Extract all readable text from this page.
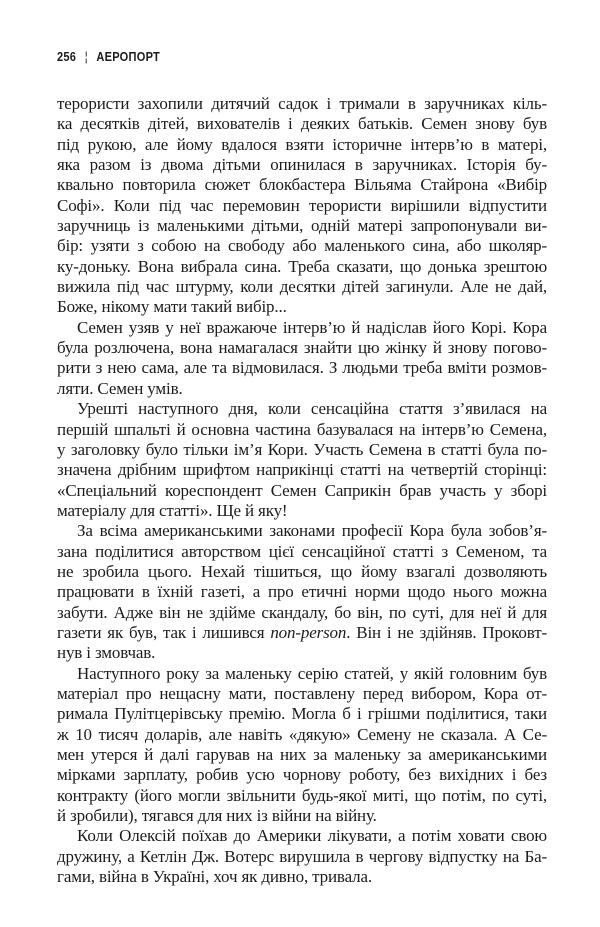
256 ¦ АЕРОПОРТ
терористи захопили дитячий садок і тримали в заручниках кіль-
ка десятків дітей, вихователів і деяких батьків. Семен знову був
під рукою, але йому вдалося взяти історичне інтерв’ю в матері,
яка разом із двома дітьми опинилася в заручниках. Історія бу-
квально повторила сюжет блокбастера Вільяма Стайрона «Вибір
Софі». Коли під час перемовин терористи вирішили відпустити
заручниць із маленькими дітьми, одній матері запропонували ви-
бір: узяти з собою на свободу або маленького сина, або школяр-
ку-доньку. Вона вибрала сина. Треба сказати, що донька зрештою
вижила під час штурму, коли десятки дітей загинули. Але не дай,
Боже, нікому мати такий вибір...
Семен узяв у неї вражаюче інтерв’ю й надіслав його Корі. Кора
була розлючена, вона намагалася знайти цю жінку й знову погово-
рити з нею сама, але та відмовилася. З людьми треба вміти розмов-
ляти. Семен умів.
Урешті наступного дня, коли сенсаційна стаття з’явилася на
першій шпальті й основна частина базувалася на інтерв’ю Семена,
у заголовку було тільки ім’я Кори. Участь Семена в статті була по-
значена дрібним шрифтом наприкінці статті на четвертій сторінці:
«Спеціальний кореспондент Семен Саприкін брав участь у зборі
матеріалу для статті». Ще й яку!
За всіма американськими законами професії Кора була зобов’я-
зана поділитися авторством цієї сенсаційної статті з Семеном, та
не зробила цього. Нехай тішиться, що йому взагалі дозволяють
працювати в їхній газеті, а про етичні норми щодо нього можна
забути. Адже він не здійме скандалу, бо він, по суті, для неї й для
газети як був, так і лишився non-person. Він і не здійняв. Проковт-
нув і змовчав.
Наступного року за маленьку серію статей, у якій головним був
матеріал про нещасну мати, поставлену перед вибором, Кора от-
римала Пулітцерівську премію. Могла б і грішми поділитися, таки
ж 10 тисяч доларів, але навіть «дякую» Семену не сказала. А Се-
мен утерся й далі гарував на них за маленьку за американськими
мірками зарплату, робив усю чорнову роботу, без вихідних і без
контракту (його могли звільнити будь-якої миті, що потім, по суті,
й зробили), тягався для них із війни на війну.
Коли Олексій поїхав до Америки лікувати, а потім ховати свою
дружину, а Кетлін Дж. Вотерс вирушила в чергову відпустку на Ба-
гами, війна в Україні, хоч як дивно, тривала.
